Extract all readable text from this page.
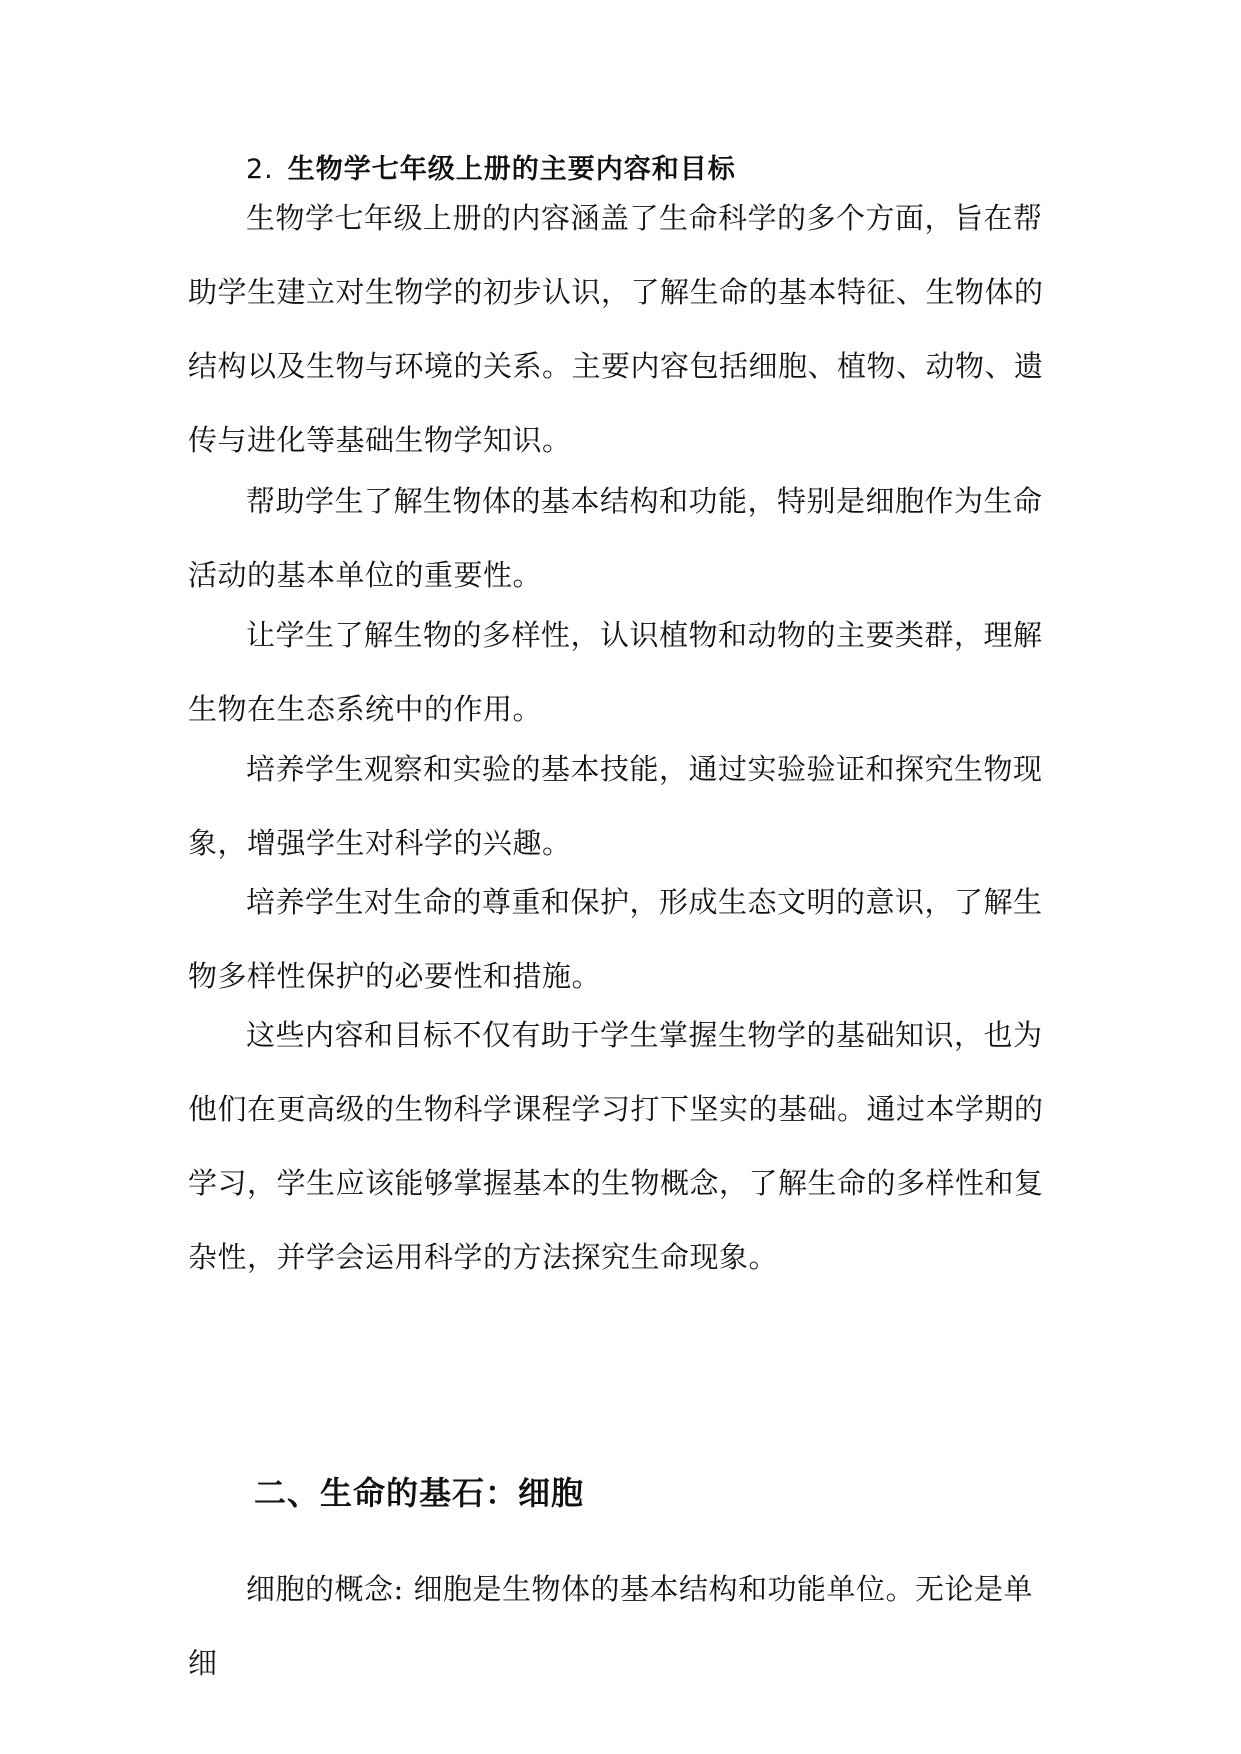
2. 生物学七年级上册的主要内容和目标

生物学七年级上册的内容涵盖了生命科学的多个方面，旨在帮助学生建立对生物学的初步认识，了解生命的基本特征、生物体的结构以及生物与环境的关系。主要内容包括细胞、植物、动物、遗传与进化等基础生物学知识。

帮助学生了解生物体的基本结构和功能，特别是细胞作为生命活动的基本单位的重要性。

让学生了解生物的多样性，认识植物和动物的主要类群，理解生物在生态系统中的作用。

培养学生观察和实验的基本技能，通过实验验证和探究生物现象，增强学生对科学的兴趣。

培养学生对生命的尊重和保护，形成生态文明的意识，了解生物多样性保护的必要性和措施。

这些内容和目标不仅有助于学生掌握生物学的基础知识，也为他们在更高级的生物科学课程学习打下坚实的基础。通过本学期的学习，学生应该能够掌握基本的生物概念，了解生命的多样性和复杂性，并学会运用科学的方法探究生命现象。

二、生命的基石：细胞

细胞的概念: 细胞是生物体的基本结构和功能单位。无论是单细
